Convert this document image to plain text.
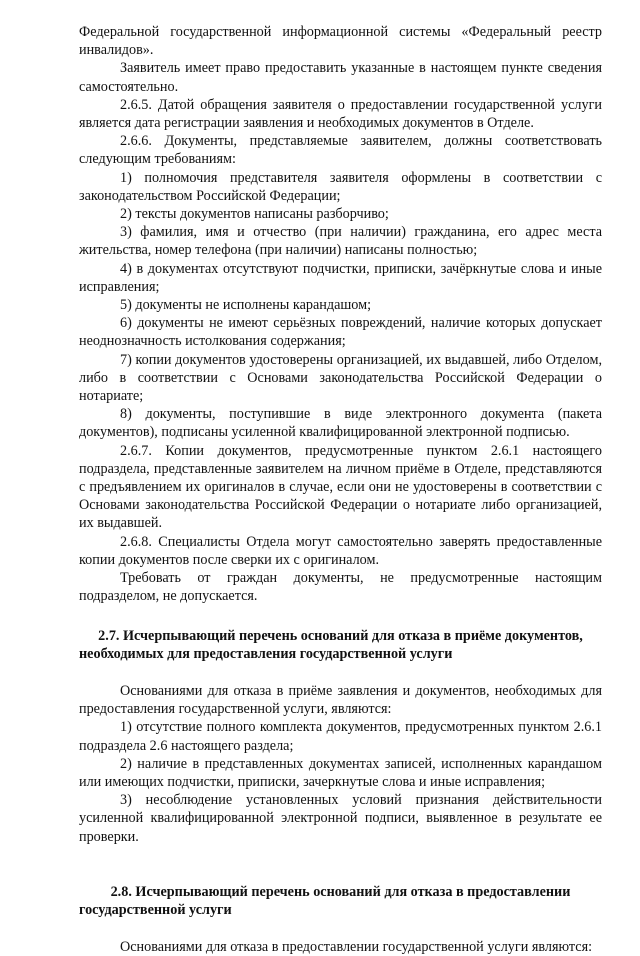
Федеральной государственной информационной системы «Федеральный реестр инвалидов».

Заявитель имеет право предоставить указанные в настоящем пункте сведения самостоятельно.

2.6.5. Датой обращения заявителя о предоставлении государственной услуги является дата регистрации заявления и необходимых документов в Отделе.

2.6.6. Документы, представляемые заявителем, должны соответствовать следующим требованиям:

1) полномочия представителя заявителя оформлены в соответствии с законодательством Российской Федерации;

2) тексты документов написаны разборчиво;

3) фамилия, имя и отчество (при наличии) гражданина, его адрес места жительства, номер телефона (при наличии) написаны полностью;

4) в документах отсутствуют подчистки, приписки, зачёркнутые слова и иные исправления;

5) документы не исполнены карандашом;

6) документы не имеют серьёзных повреждений, наличие которых допускает неоднозначность истолкования содержания;

7) копии документов удостоверены организацией, их выдавшей, либо Отделом, либо в соответствии с Основами законодательства Российской Федерации о нотариате;

8) документы, поступившие в виде электронного документа (пакета документов), подписаны усиленной квалифицированной электронной подписью.

2.6.7. Копии документов, предусмотренные пунктом 2.6.1 настоящего подраздела, представленные заявителем на личном приёме в Отделе, представляются с предъявлением их оригиналов в случае, если они не удостоверены в соответствии с Основами законодательства Российской Федерации о нотариате либо организацией, их выдавшей.

2.6.8. Специалисты Отдела могут самостоятельно заверять предоставленные копии документов после сверки их с оригиналом.

Требовать от граждан документы, не предусмотренные настоящим подразделом, не допускается.

2.7. Исчерпывающий перечень оснований для отказа в приёме документов, необходимых для предоставления государственной услуги

Основаниями для отказа в приёме заявления и документов, необходимых для предоставления государственной услуги, являются:

1) отсутствие полного комплекта документов, предусмотренных пунктом 2.6.1 подраздела 2.6 настоящего раздела;

2) наличие в представленных документах записей, исполненных карандашом или имеющих подчистки, приписки, зачеркнутые слова и иные исправления;

3) несоблюдение установленных условий признания действительности усиленной квалифицированной электронной подписи, выявленное в результате ее проверки.

2.8. Исчерпывающий перечень оснований для отказа в предоставлении государственной услуги

Основаниями для отказа в предоставлении государственной услуги являются:
